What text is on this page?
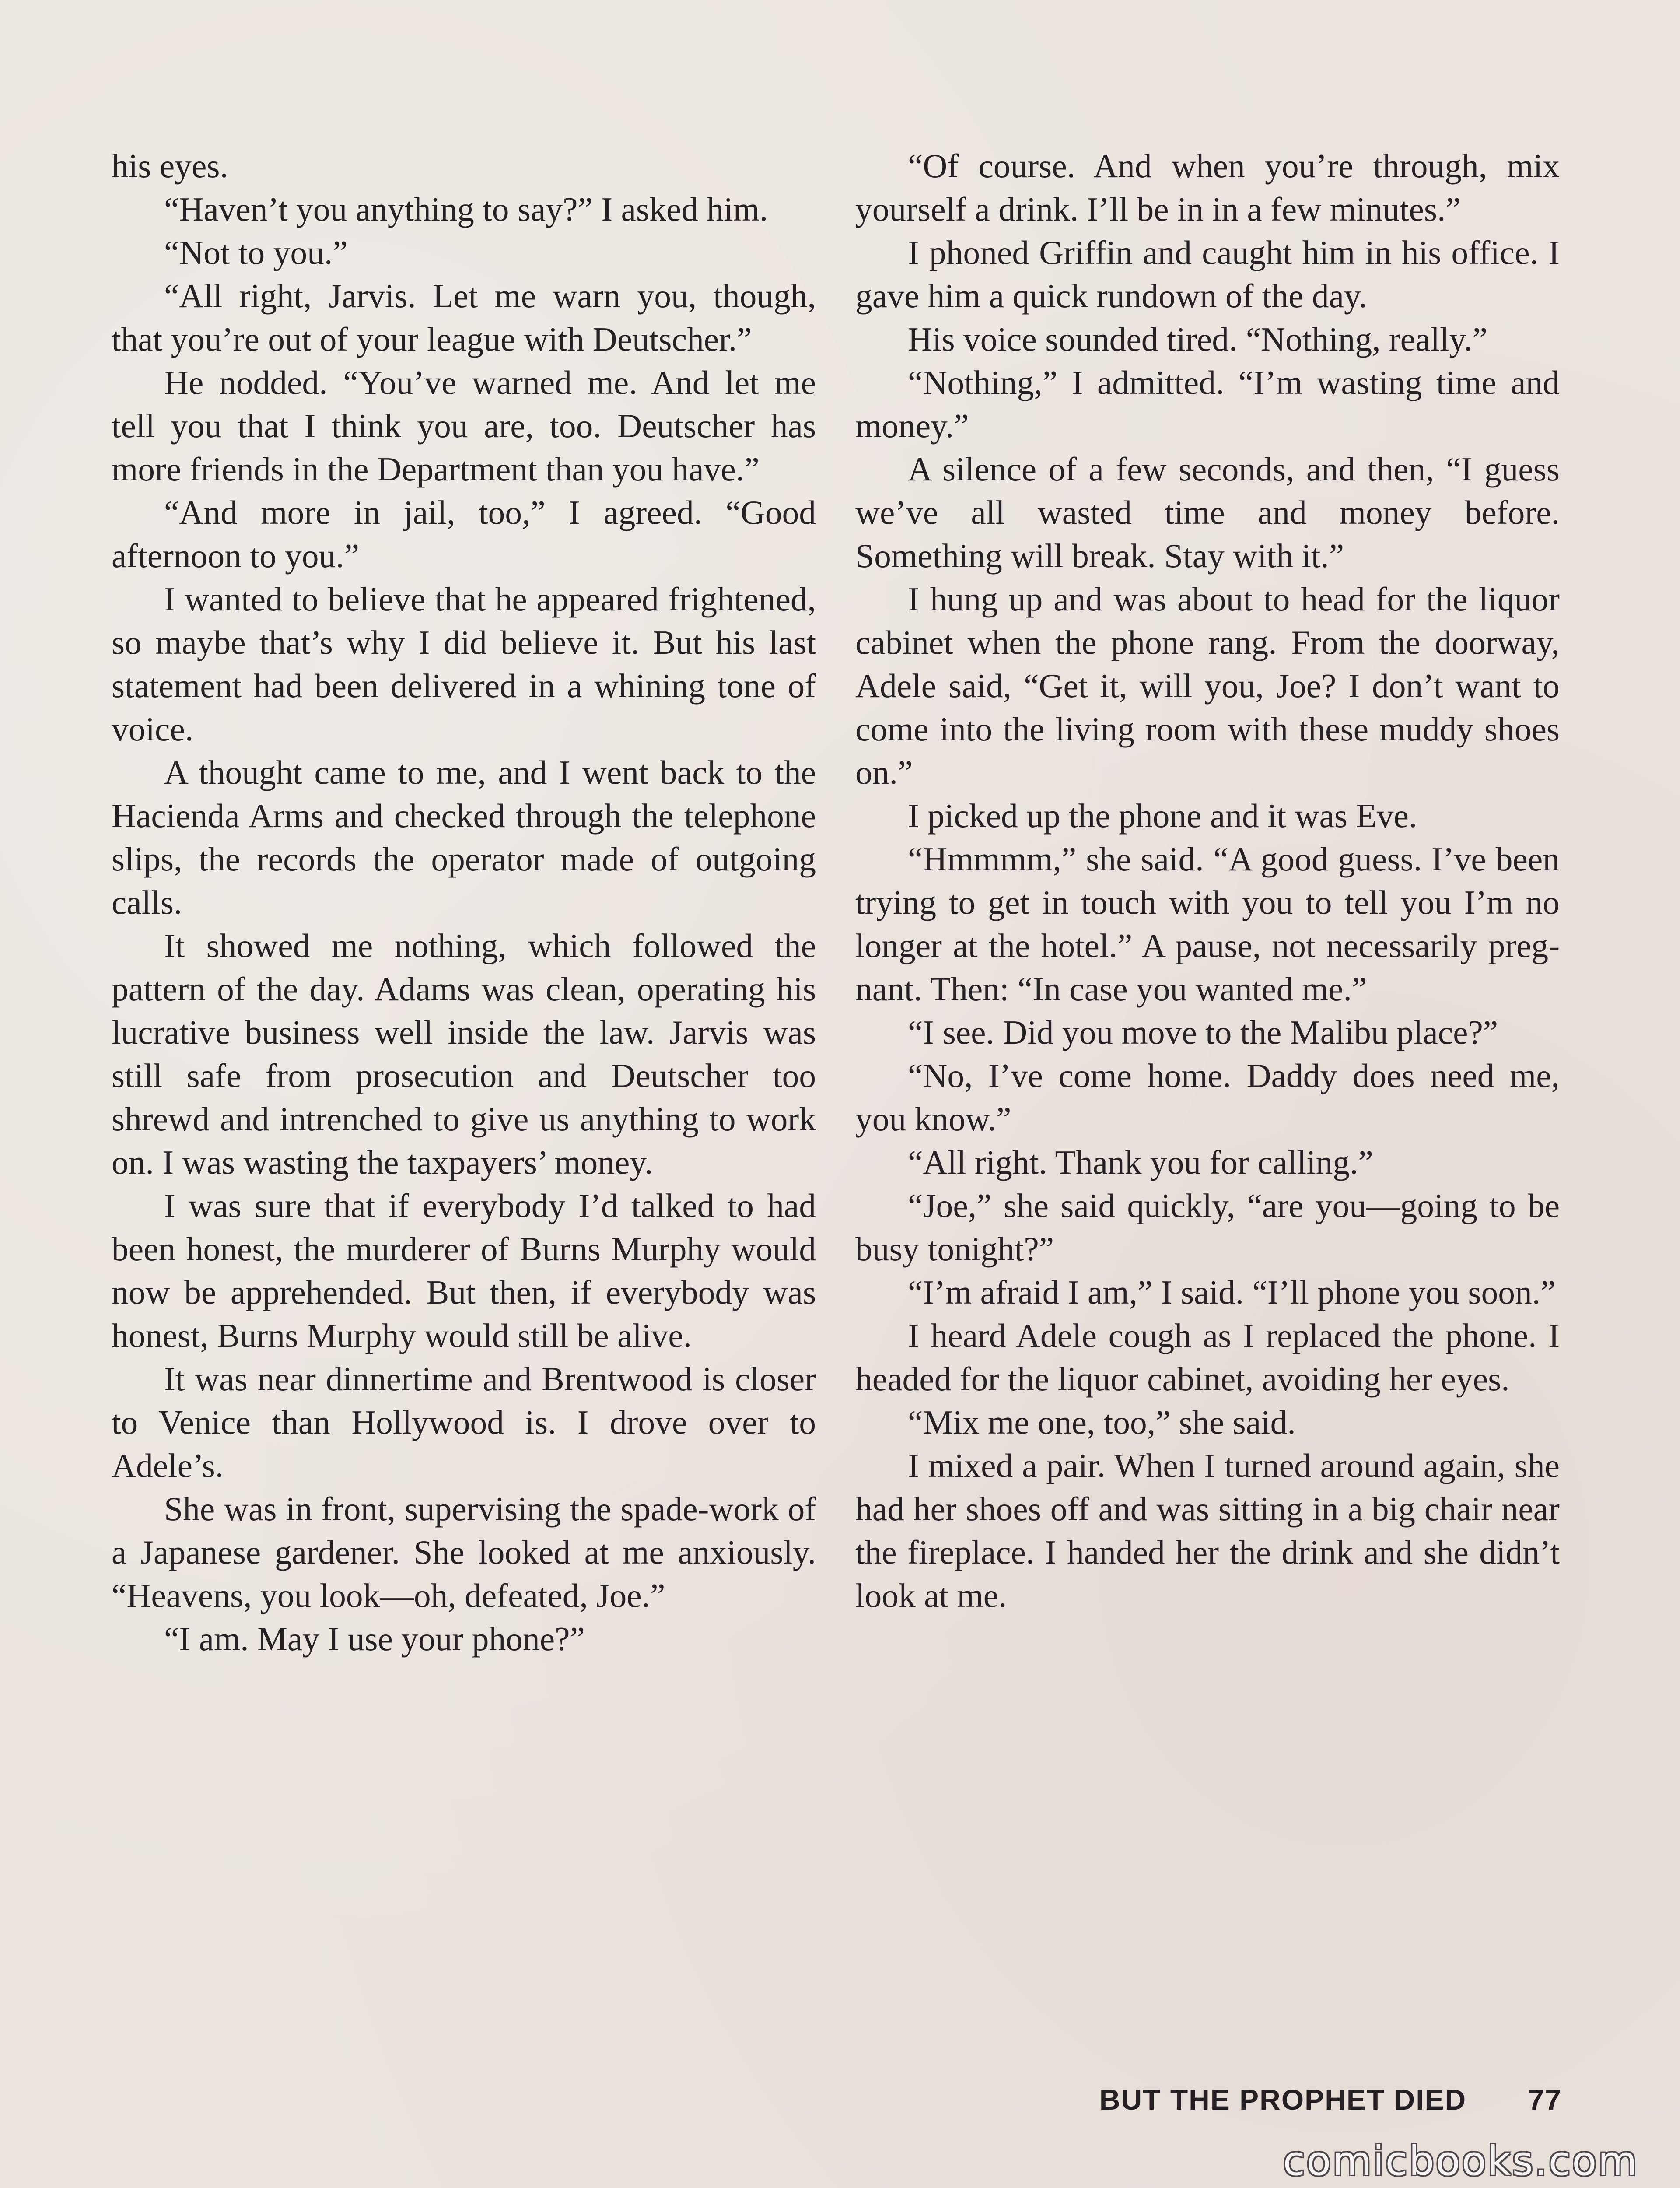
his eyes.

“Haven’t you anything to say?” I asked him.

“Not to you.”

“All right, Jarvis. Let me warn you, though, that you’re out of your league with Deutscher.”

He nodded. “You’ve warned me. And let me tell you that I think you are, too. Deutscher has more friends in the Department than you have.”

“And more in jail, too,” I agreed. “Good afternoon to you.”

I wanted to believe that he appeared frightened, so maybe that’s why I did believe it. But his last statement had been delivered in a whining tone of voice.

A thought came to me, and I went back to the Hacienda Arms and checked through the telephone slips, the records the operator made of outgoing calls.

It showed me nothing, which followed the pattern of the day. Adams was clean, operating his lucrative business well inside the law. Jarvis was still safe from prosecution and Deutscher too shrewd and intrenched to give us anything to work on. I was wasting the taxpayers’ money.

I was sure that if everybody I’d talked to had been honest, the murderer of Burns Murphy would now be apprehended. But then, if everybody was honest, Burns Murphy would still be alive.

It was near dinnertime and Brentwood is closer to Venice than Hollywood is. I drove over to Adele’s.

She was in front, supervising the spade-work of a Japanese gardener. She looked at me anxiously. “Heavens, you look—oh, defeated, Joe.”

“I am. May I use your phone?”

“Of course. And when you’re through, mix yourself a drink. I’ll be in in a few minutes.”

I phoned Griffin and caught him in his office. I gave him a quick rundown of the day.

His voice sounded tired. “Nothing, really.”

“Nothing,” I admitted. “I’m wasting time and money.”

A silence of a few seconds, and then, “I guess we’ve all wasted time and money before. Something will break. Stay with it.”

I hung up and was about to head for the liquor cabinet when the phone rang. From the doorway, Adele said, “Get it, will you, Joe? I don’t want to come into the living room with these muddy shoes on.”

I picked up the phone and it was Eve.

“Hmmmm,” she said. “A good guess. I’ve been trying to get in touch with you to tell you I’m no longer at the hotel.” A pause, not necessarily pregnant. Then: “In case you wanted me.”

“I see. Did you move to the Malibu place?”

“No, I’ve come home. Daddy does need me, you know.”

“All right. Thank you for calling.”

“Joe,” she said quickly, “are you—going to be busy tonight?”

“I’m afraid I am,” I said. “I’ll phone you soon.”

I heard Adele cough as I replaced the phone. I headed for the liquor cabinet, avoiding her eyes.

“Mix me one, too,” she said.

I mixed a pair. When I turned around again, she had her shoes off and was sitting in a big chair near the fireplace. I handed her the drink and she didn’t look at me.

BUT THE PROPHET DIED 77
comicbooks.com
